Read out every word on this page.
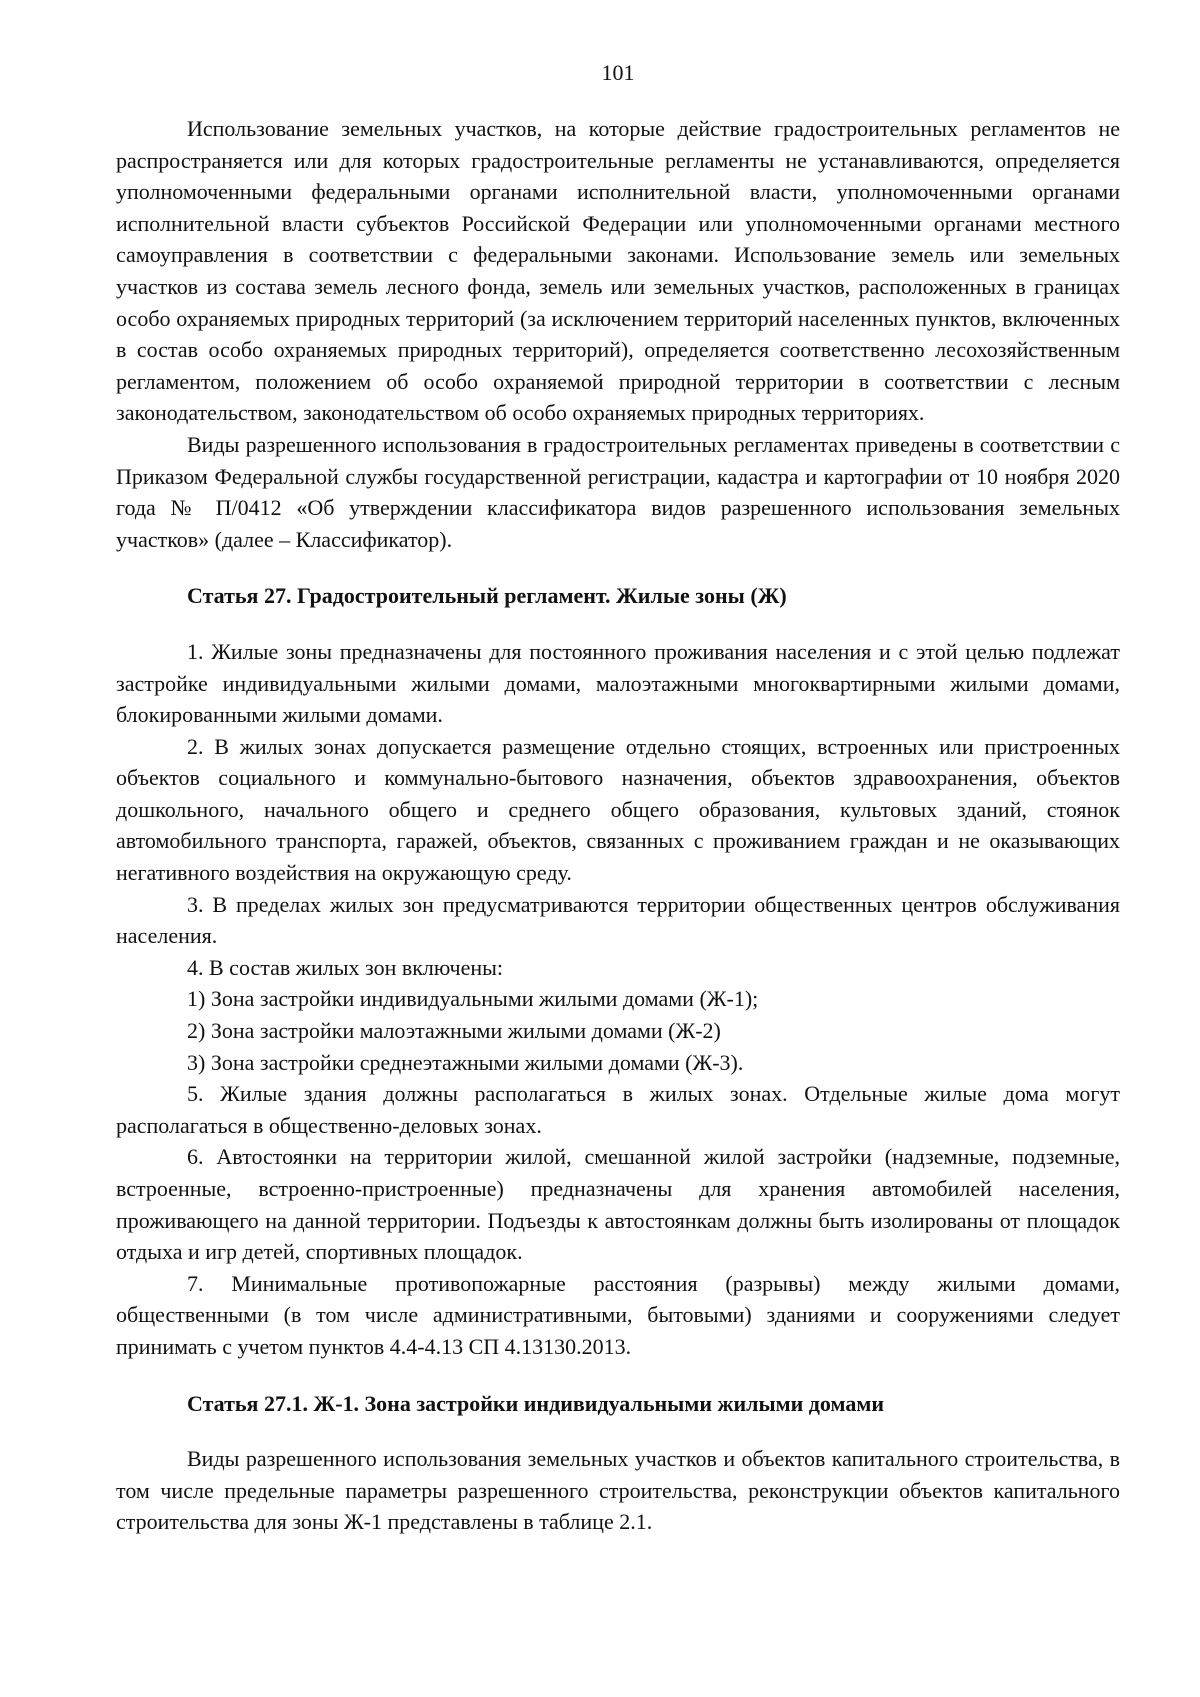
101

Использование земельных участков, на которые действие градостроительных регламентов не распространяется или для которых градостроительные регламенты не устанавливаются, определяется уполномоченными федеральными органами исполнительной власти, уполномоченными органами исполнительной власти субъектов Российской Федерации или уполномоченными органами местного самоуправления в соответствии с федеральными законами. Использование земель или земельных участков из состава земель лесного фонда, земель или земельных участков, расположенных в границах особо охраняемых природных территорий (за исключением территорий населенных пунктов, включенных в состав особо охраняемых природных территорий), определяется соответственно лесохозяйственным регламентом, положением об особо охраняемой природной территории в соответствии с лесным законодательством, законодательством об особо охраняемых природных территориях.

Виды разрешенного использования в градостроительных регламентах приведены в соответствии с Приказом Федеральной службы государственной регистрации, кадастра и картографии от 10 ноября 2020 года № П/0412 «Об утверждении классификатора видов разрешенного использования земельных участков» (далее – Классификатор).

Статья 27. Градостроительный регламент. Жилые зоны (Ж)

1. Жилые зоны предназначены для постоянного проживания населения и с этой целью подлежат застройке индивидуальными жилыми домами, малоэтажными многоквартирными жилыми домами, блокированными жилыми домами.

2. В жилых зонах допускается размещение отдельно стоящих, встроенных или пристроенных объектов социального и коммунально-бытового назначения, объектов здравоохранения, объектов дошкольного, начального общего и среднего общего образования, культовых зданий, стоянок автомобильного транспорта, гаражей, объектов, связанных с проживанием граждан и не оказывающих негативного воздействия на окружающую среду.

3. В пределах жилых зон предусматриваются территории общественных центров обслуживания населения.

4. В состав жилых зон включены:

1) Зона застройки индивидуальными жилыми домами (Ж-1);

2) Зона застройки малоэтажными жилыми домами (Ж-2)

3) Зона застройки среднеэтажными жилыми домами (Ж-3).

5. Жилые здания должны располагаться в жилых зонах. Отдельные жилые дома могут располагаться в общественно-деловых зонах.

6. Автостоянки на территории жилой, смешанной жилой застройки (надземные, подземные, встроенные, встроенно-пристроенные) предназначены для хранения автомобилей населения, проживающего на данной территории. Подъезды к автостоянкам должны быть изолированы от площадок отдыха и игр детей, спортивных площадок.

7. Минимальные противопожарные расстояния (разрывы) между жилыми домами, общественными (в том числе административными, бытовыми) зданиями и сооружениями следует принимать с учетом пунктов 4.4-4.13 СП 4.13130.2013.

Статья 27.1. Ж-1. Зона застройки индивидуальными жилыми домами

Виды разрешенного использования земельных участков и объектов капитального строительства, в том числе предельные параметры разрешенного строительства, реконструкции объектов капитального строительства для зоны Ж-1 представлены в таблице 2.1.
